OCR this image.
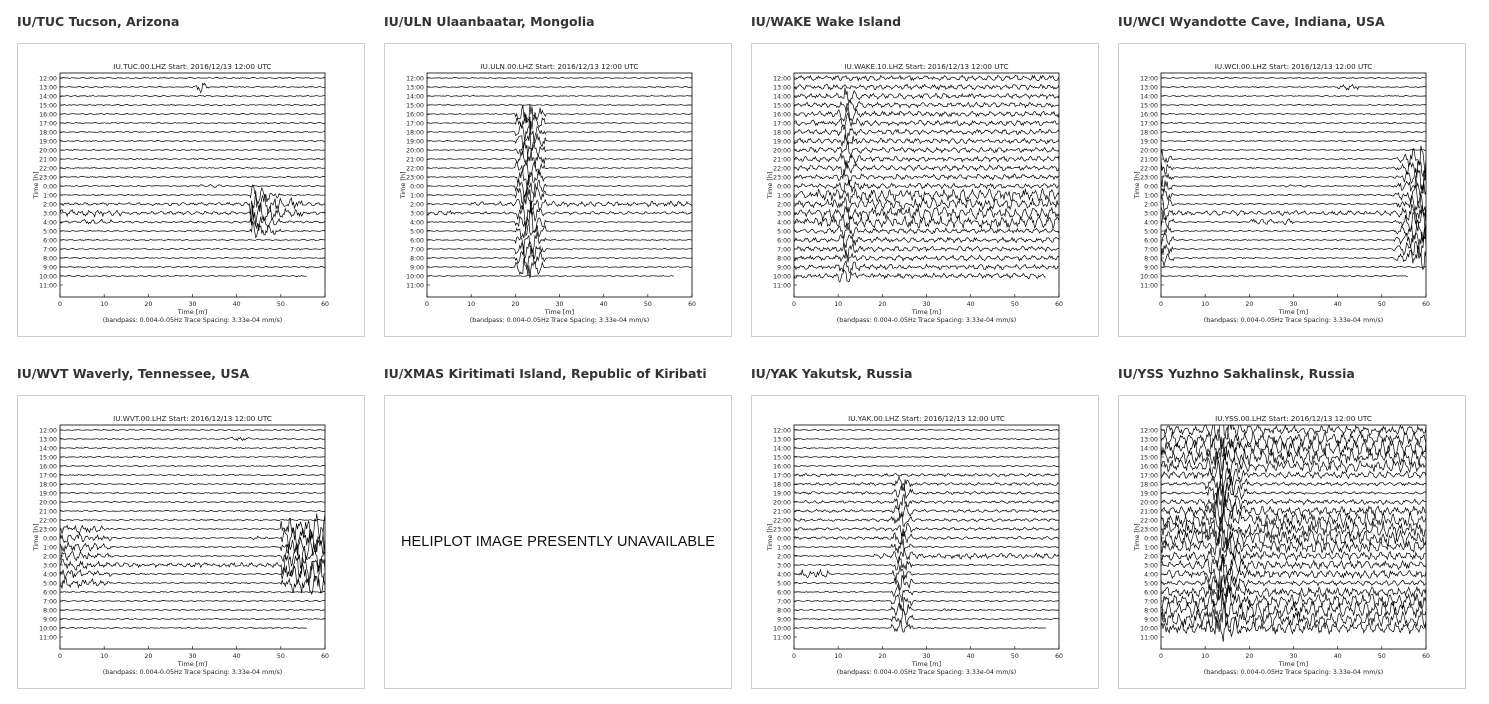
IU/TUC Tucson, Arizona
IU.TUC.00.LHZ Start: 2016/12/13 12:00 UTC
12:00
13:00
14:00
15:00
16:00
17:00
18:00
19:00
20:00
21:00
22:00
23:00
0:00
1:00
2:00
3:00
4:00
5:00
6:00
7:00
8:00
9:00
10:00
11:00
0	10	20	30	40	50	60
Time [m]
Time [h]
(bandpass: 0.004-0.05Hz Trace Spacing: 3.33e-04 mm/s)
IU/ULN Ulaanbaatar, Mongolia
IU.ULN.00.LHZ Start: 2016/12/13 12:00 UTC
12:00
13:00
14:00
15:00
16:00
17:00
18:00
19:00
20:00
21:00
22:00
23:00
0:00
1:00
2:00
3:00
4:00
5:00
6:00
7:00
8:00
9:00
10:00
11:00
0	10	20	30	40	50	60
Time [m]
Time [h]
(bandpass: 0.004-0.05Hz Trace Spacing: 3.33e-04 mm/s)
IU/WAKE Wake Island
IU.WAKE.10.LHZ Start: 2016/12/13 12:00 UTC
12:00
13:00
14:00
15:00
16:00
17:00
18:00
19:00
20:00
21:00
22:00
23:00
0:00
1:00
2:00
3:00
4:00
5:00
6:00
7:00
8:00
9:00
10:00
11:00
0	10	20	30	40	50	60
Time [m]
Time [h]
(bandpass: 0.004-0.05Hz Trace Spacing: 3.33e-04 mm/s)
IU/WCI Wyandotte Cave, Indiana, USA
IU.WCI.00.LHZ Start: 2016/12/13 12:00 UTC
12:00
13:00
14:00
15:00
16:00
17:00
18:00
19:00
20:00
21:00
22:00
23:00
0:00
1:00
2:00
3:00
4:00
5:00
6:00
7:00
8:00
9:00
10:00
11:00
0	10	20	30	40	50	60
Time [m]
Time [h]
(bandpass: 0.004-0.05Hz Trace Spacing: 3.33e-04 mm/s)
IU/WVT Waverly, Tennessee, USA
IU.WVT.00.LHZ Start: 2016/12/13 12:00 UTC
12:00
13:00
14:00
15:00
16:00
17:00
18:00
19:00
20:00
21:00
22:00
23:00
0:00
1:00
2:00
3:00
4:00
5:00
6:00
7:00
8:00
9:00
10:00
11:00
0	10	20	30	40	50	60
Time [m]
Time [h]
(bandpass: 0.004-0.05Hz Trace Spacing: 3.33e-04 mm/s)
IU/XMAS Kiritimati Island, Republic of Kiribati
HELIPLOT IMAGE PRESENTLY UNAVAILABLE
IU/YAK Yakutsk, Russia
IU.YAK.00.LHZ Start: 2016/12/13 12:00 UTC
12:00
13:00
14:00
15:00
16:00
17:00
18:00
19:00
20:00
21:00
22:00
23:00
0:00
1:00
2:00
3:00
4:00
5:00
6:00
7:00
8:00
9:00
10:00
11:00
0	10	20	30	40	50	60
Time [m]
Time [h]
(bandpass: 0.004-0.05Hz Trace Spacing: 3.33e-04 mm/s)
IU/YSS Yuzhno Sakhalinsk, Russia
IU.YSS.00.LHZ Start: 2016/12/13 12:00 UTC
12:00
13:00
14:00
15:00
16:00
17:00
18:00
19:00
20:00
21:00
22:00
23:00
0:00
1:00
2:00
3:00
4:00
5:00
6:00
7:00
8:00
9:00
10:00
11:00
0	10	20	30	40	50	60
Time [m]
Time [h]
(bandpass: 0.004-0.05Hz Trace Spacing: 3.33e-04 mm/s)
